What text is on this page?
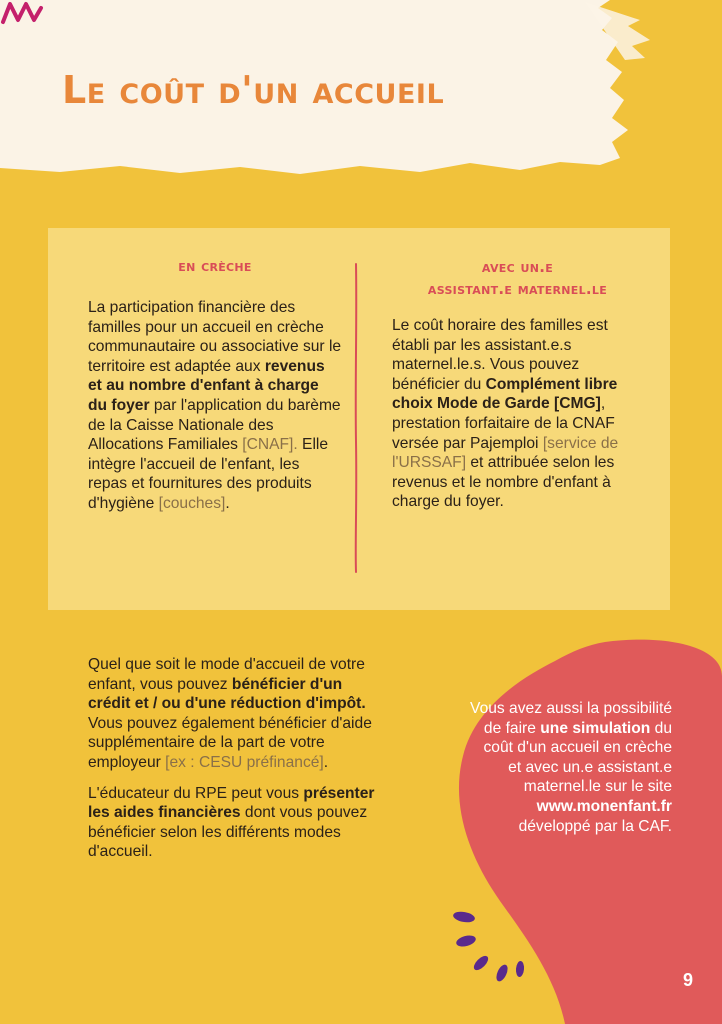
Le coût d'un accueil
en crèche

La participation financière des familles pour un accueil en crèche communautaire ou associative sur le territoire est adaptée aux revenus et au nombre d'enfant à charge du foyer par l'application du barème de la Caisse Nationale des Allocations Familiales [CNAF]. Elle intègre l'accueil de l'enfant, les repas et fournitures des produits d'hygiène [couches].

avec un.e
assistant.e maternel.le

Le coût horaire des familles est établi par les assistant.e.s maternel.le.s. Vous pouvez bénéficier du Complément libre choix Mode de Garde [CMG], prestation forfaitaire de la CNAF versée par Pajemploi [service de l'URSSAF] et attribuée selon les revenus et le nombre d'enfant à charge du foyer.

Quel que soit le mode d'accueil de votre enfant, vous pouvez bénéficier d'un crédit et / ou d'une réduction d'impôt. Vous pouvez également bénéficier d'aide supplémentaire de la part de votre employeur [ex : CESU préfinancé].

L'éducateur du RPE peut vous présenter les aides financières dont vous pouvez bénéficier selon les différents modes d'accueil.

Vous avez aussi la possibilité de faire une simulation du coût d'un accueil en crèche et avec un.e assistant.e maternel.le sur le site www.monenfant.fr développé par la CAF.

9
